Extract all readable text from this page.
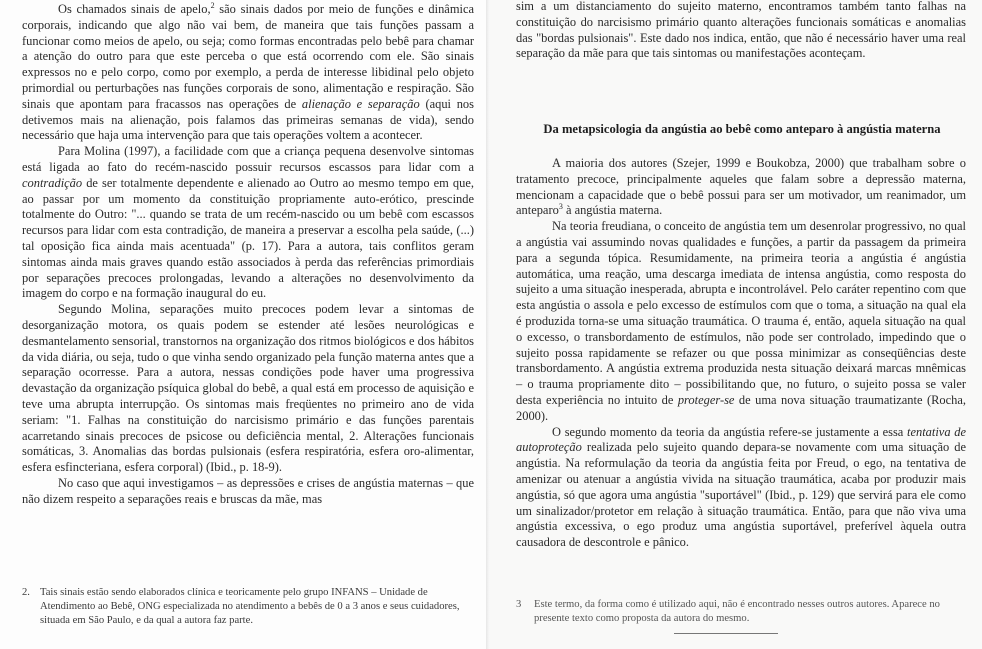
Os chamados sinais de apelo,$^2$ são sinais dados por meio de funções e dinâmica corporais, indicando que algo não vai bem, de maneira que tais funções passam a funcionar como meios de apelo, ou seja; como formas encontradas pelo bebê para chamar a atenção do outro para que este perceba o que está ocorrendo com ele. São sinais expressos no e pelo corpo, como por exemplo, a perda de interesse libidinal pelo objeto primordial ou perturbações nas funções corporais de sono, alimentação e respiração. São sinais que apontam para fracassos nas operações de alienação e separação (aqui nos detivemos mais na alienação, pois falamos das primeiras semanas de vida), sendo necessário que haja uma intervenção para que tais operações voltem a acontecer.

Para Molina (1997), a facilidade com que a criança pequena desenvolve sintomas está ligada ao fato do recém-nascido possuir recursos escassos para lidar com a contradição de ser totalmente dependente e alienado ao Outro ao mesmo tempo em que, ao passar por um momento da constituição propriamente auto-erótico, prescinde totalmente do Outro: "... quando se trata de um recém-nascido ou um bebê com escassos recursos para lidar com esta contradição, de maneira a preservar a escolha pela saúde, (...) tal oposição fica ainda mais acentuada" (p. 17). Para a autora, tais conflitos geram sintomas ainda mais graves quando estão associados à perda das referências primordiais por separações precoces prolongadas, levando a alterações no desenvolvimento da imagem do corpo e na formação inaugural do eu.

Segundo Molina, separações muito precoces podem levar a sintomas de desorganização motora, os quais podem se estender até lesões neurológicas e desmantelamento sensorial, transtornos na organização dos ritmos biológicos e dos hábitos da vida diária, ou seja, tudo o que vinha sendo organizado pela função materna antes que a separação ocorresse. Para a autora, nessas condições pode haver uma progressiva devastação da organização psíquica global do bebê, a qual está em processo de aquisição e teve uma abrupta interrupção. Os sintomas mais freqüentes no primeiro ano de vida seriam: "1. Falhas na constituição do narcisismo primário e das funções parentais acarretando sinais precoces de psicose ou deficiência mental, 2. Alterações funcionais somáticas, 3. Anomalias das bordas pulsionais (esfera respiratória, esfera oro-alimentar, esfera esfincteriana, esfera corporal) (Ibid., p. 18-9).

No caso que aqui investigamos – as depressões e crises de angústia maternas – que não dizem respeito a separações reais e bruscas da mãe, mas

2. Tais sinais estão sendo elaborados clínica e teoricamente pelo grupo INFANS – Unidade de Atendimento ao Bebê, ONG especializada no atendimento a bebês de 0 a 3 anos e seus cuidadores, situada em São Paulo, e da qual a autora faz parte.

sim a um distanciamento do sujeito materno, encontramos também tanto falhas na constituição do narcisismo primário quanto alterações funcionais somáticas e anomalias das "bordas pulsionais". Este dado nos indica, então, que não é necessário haver uma real separação da mãe para que tais sintomas ou manifestações aconteçam.

Da metapsicologia da angústia ao bebê como anteparo à angústia materna

A maioria dos autores (Szejer, 1999 e Boukobza, 2000) que trabalham sobre o tratamento precoce, principalmente aqueles que falam sobre a depressão materna, mencionam a capacidade que o bebê possui para ser um motivador, um reanimador, um anteparo$^3$ à angústia materna.

Na teoria freudiana, o conceito de angústia tem um desenrolar progressivo, no qual a angústia vai assumindo novas qualidades e funções, a partir da passagem da primeira para a segunda tópica. Resumidamente, na primeira teoria a angústia é angústia automática, uma reação, uma descarga imediata de intensa angústia, como resposta do sujeito a uma situação inesperada, abrupta e incontrolável. Pelo caráter repentino com que esta angústia o assola e pelo excesso de estímulos com que o toma, a situação na qual ela é produzida torna-se uma situação traumática. O trauma é, então, aquela situação na qual o excesso, o transbordamento de estímulos, não pode ser controlado, impedindo que o sujeito possa rapidamente se refazer ou que possa minimizar as conseqüências deste transbordamento. A angústia extrema produzida nesta situação deixará marcas mnêmicas – o trauma propriamente dito – possibilitando que, no futuro, o sujeito possa se valer desta experiência no intuito de proteger-se de uma nova situação traumatizante (Rocha, 2000).

O segundo momento da teoria da angústia refere-se justamente a essa tentativa de autoproteção realizada pelo sujeito quando depara-se novamente com uma situação de angústia. Na reformulação da teoria da angústia feita por Freud, o ego, na tentativa de amenizar ou atenuar a angústia vivida na situação traumática, acaba por produzir mais angústia, só que agora uma angústia "suportável" (Ibid., p. 129) que servirá para ele como um sinalizador/protetor em relação à situação traumática. Então, para que não viva uma angústia excessiva, o ego produz uma angústia suportável, preferível àquela outra causadora de descontrole e pânico.

3	Este termo, da forma como é utilizado aqui, não é encontrado nesses outros autores. Aparece no presente texto como proposta da autora do mesmo.
